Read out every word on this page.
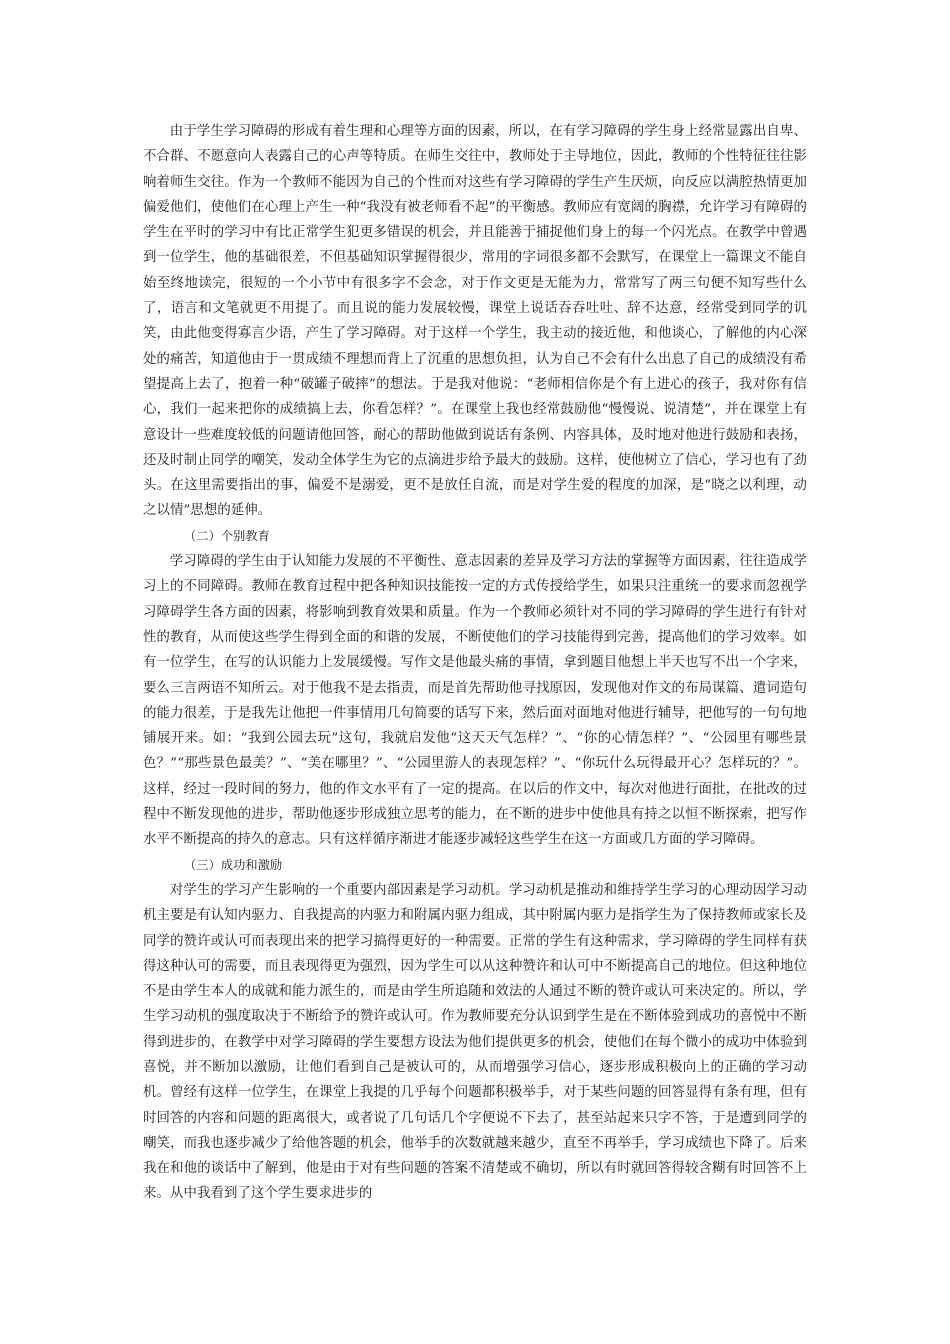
由于学生学习障碍的形成有着生理和心理等方面的因素，所以，在有学习障碍的学生身上经常显露出自卑、不合群、不愿意向人表露自己的心声等特质。在师生交往中，教师处于主导地位，因此，教师的个性特征往往影响着师生交往。作为一个教师不能因为自己的个性而对这些有学习障碍的学生产生厌烦，向反应以满腔热情更加偏爱他们，使他们在心理上产生一种“我没有被老师看不起”的平衡感。教师应有宽阔的胸襟，允许学习有障碍的学生在平时的学习中有比正常学生犯更多错误的机会，并且能善于捕捉他们身上的每一个闪光点。在教学中曾遇到一位学生，他的基础很差，不但基础知识掌握得很少，常用的字词很多都不会默写，在课堂上一篇课文不能自始至终地读完，很短的一个小节中有很多字不会念，对于作文更是无能为力，常常写了两三句便不知写些什么了，语言和文笔就更不用提了。而且说的能力发展较慢，课堂上说话吞吞吐吐、辞不达意，经常受到同学的讥笑，由此他变得寡言少语，产生了学习障碍。对于这样一个学生，我主动的接近他，和他谈心，了解他的内心深处的痛苦，知道他由于一贯成绩不理想而背上了沉重的思想负担，认为自己不会有什么出息了自己的成绩没有希望提高上去了，抱着一种“破罐子破摔”的想法。于是我对他说：“老师相信你是个有上进心的孩子，我对你有信心，我们一起来把你的成绩搞上去，你看怎样？”。在课堂上我也经常鼓励他“慢慢说、说清楚”，并在课堂上有意设计一些难度较低的问题请他回答，耐心的帮助他做到说话有条例、内容具体，及时地对他进行鼓励和表扬，还及时制止同学的嘲笑，发动全体学生为它的点滴进步给予最大的鼓励。这样，使他树立了信心，学习也有了劲头。在这里需要指出的事，偏爱不是溺爱，更不是放任自流，而是对学生爱的程度的加深，是“晓之以利理，动之以情”思想的延伸。

（二）个别教育

学习障碍的学生由于认知能力发展的不平衡性、意志因素的差异及学习方法的掌握等方面因素，往往造成学习上的不同障碍。教师在教育过程中把各种知识技能按一定的方式传授给学生，如果只注重统一的要求而忽视学习障碍学生各方面的因素，将影响到教育效果和质量。作为一个教师必须针对不同的学习障碍的学生进行有针对性的教育，从而使这些学生得到全面的和谐的发展，不断使他们的学习技能得到完善，提高他们的学习效率。如有一位学生，在写的认识能力上发展缓慢。写作文是他最头痛的事情，拿到题目他想上半天也写不出一个字来，要么三言两语不知所云。对于他我不是去指责，而是首先帮助他寻找原因，发现他对作文的布局谋篇、遣词造句的能力很差，于是我先让他把一件事情用几句简要的话写下来，然后面对面地对他进行辅导，把他写的一句句地铺展开来。如：“我到公园去玩”这句，我就启发他“这天天气怎样？”、“你的心情怎样？”、“公园里有哪些景色？”“那些景色最美？”、“美在哪里？”、“公园里游人的表现怎样？”、“你玩什么玩得最开心？怎样玩的？”。这样，经过一段时间的努力，他的作文水平有了一定的提高。在以后的作文中，每次对他进行面批，在批改的过程中不断发现他的进步，帮助他逐步形成独立思考的能力，在不断的进步中使他具有持之以恒不断探索，把写作水平不断提高的持久的意志。只有这样循序渐进才能逐步减轻这些学生在这一方面或几方面的学习障碍。

（三）成功和激励

对学生的学习产生影响的一个重要内部因素是学习动机。学习动机是推动和维持学生学习的心理动因学习动机主要是有认知内驱力、自我提高的内驱力和附属内驱力组成，其中附属内驱力是指学生为了保持教师或家长及同学的赞许或认可而表现出来的把学习搞得更好的一种需要。正常的学生有这种需求，学习障碍的学生同样有获得这种认可的需要，而且表现得更为强烈，因为学生可以从这种赞许和认可中不断提高自己的地位。但这种地位不是由学生本人的成就和能力派生的，而是由学生所追随和效法的人通过不断的赞许或认可来决定的。所以，学生学习动机的强度取决于不断给予的赞许或认可。作为教师要充分认识到学生是在不断体验到成功的喜悦中不断得到进步的，在教学中对学习障碍的学生要想方设法为他们提供更多的机会，使他们在每个微小的成功中体验到喜悦，并不断加以激励，让他们看到自己是被认可的，从而增强学习信心，逐步形成积极向上的正确的学习动机。曾经有这样一位学生，在课堂上我提的几乎每个问题都积极举手，对于某些问题的回答显得有条有理，但有时回答的内容和问题的距离很大，或者说了几句话几个字便说不下去了，甚至站起来只字不答，于是遭到同学的嘲笑，而我也逐步减少了给他答题的机会，他举手的次数就越来越少，直至不再举手，学习成绩也下降了。后来我在和他的谈话中了解到，他是由于对有些问题的答案不清楚或不确切，所以有时就回答得较含糊有时回答不上来。从中我看到了这个学生要求进步的
